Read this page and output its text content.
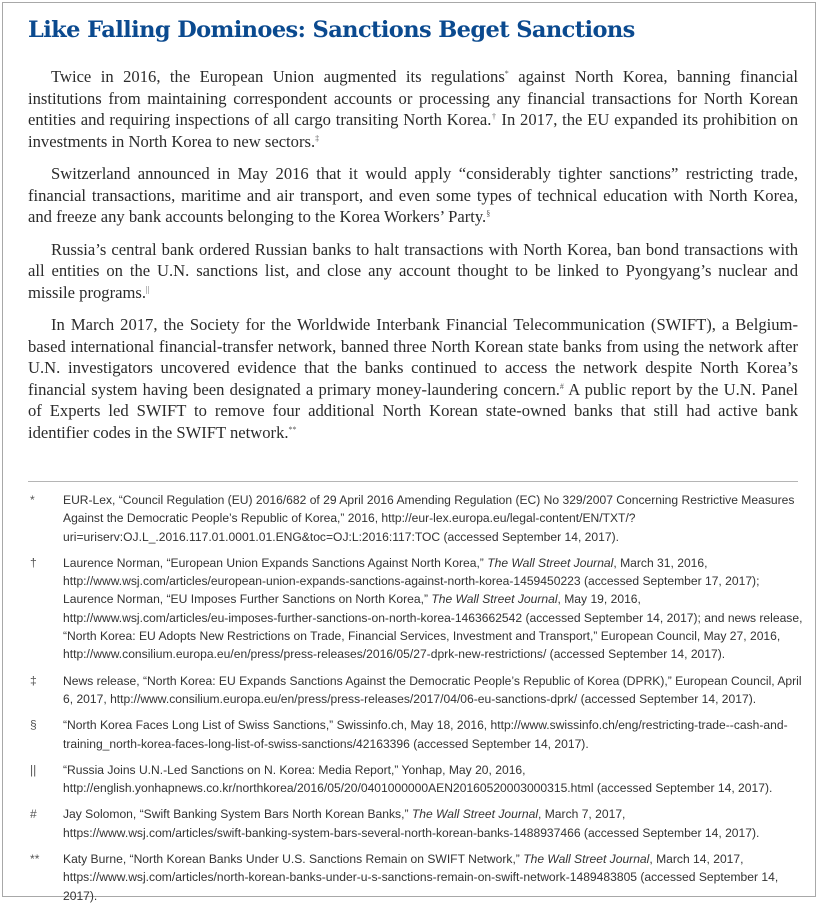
Like Falling Dominoes: Sanctions Beget Sanctions

Twice in 2016, the European Union augmented its regulations* against North Korea, banning financial institutions from maintaining correspondent accounts or processing any financial transactions for North Korean entities and requiring inspections of all cargo transiting North Korea.† In 2017, the EU expanded its prohibition on investments in North Korea to new sectors.‡

Switzerland announced in May 2016 that it would apply “considerably tighter sanctions” restricting trade, financial transactions, maritime and air transport, and even some types of technical education with North Korea, and freeze any bank accounts belonging to the Korea Workers’ Party.§

Russia’s central bank ordered Russian banks to halt transactions with North Korea, ban bond transactions with all entities on the U.N. sanctions list, and close any account thought to be linked to Pyongyang’s nuclear and missile programs.||

In March 2017, the Society for the Worldwide Interbank Financial Telecommunication (SWIFT), a Belgium-based international financial-transfer network, banned three North Korean state banks from using the network after U.N. investigators uncovered evidence that the banks continued to access the network despite North Korea’s financial system having been designated a primary money-laundering concern.# A public report by the U.N. Panel of Experts led SWIFT to remove four additional North Korean state-owned banks that still had active bank identifier codes in the SWIFT network.**

*	EUR-Lex, “Council Regulation (EU) 2016/682 of 29 April 2016 Amending Regulation (EC) No 329/2007 Concerning Restrictive Measures Against the Democratic People’s Republic of Korea,” 2016, http://eur-lex.europa.eu/legal-content/EN/TXT/?uri=uriserv:OJ.L_.2016.117.01.0001.01.ENG&toc=OJ:L:2016:117:TOC (accessed September 14, 2017).
†	Laurence Norman, “European Union Expands Sanctions Against North Korea,” The Wall Street Journal, March 31, 2016, http://www.wsj.com/articles/european-union-expands-sanctions-against-north-korea-1459450223 (accessed September 17, 2017); Laurence Norman, “EU Imposes Further Sanctions on North Korea,” The Wall Street Journal, May 19, 2016, http://www.wsj.com/articles/eu-imposes-further-sanctions-on-north-korea-1463662542 (accessed September 14, 2017); and news release, “North Korea: EU Adopts New Restrictions on Trade, Financial Services, Investment and Transport,” European Council, May 27, 2016, http://www.consilium.europa.eu/en/press/press-releases/2016/05/27-dprk-new-restrictions/ (accessed September 14, 2017).
‡	News release, “North Korea: EU Expands Sanctions Against the Democratic People’s Republic of Korea (DPRK),” European Council, April 6, 2017, http://www.consilium.europa.eu/en/press/press-releases/2017/04/06-eu-sanctions-dprk/ (accessed September 14, 2017).
§	“North Korea Faces Long List of Swiss Sanctions,” Swissinfo.ch, May 18, 2016, http://www.swissinfo.ch/eng/restricting-trade--cash-and-training_north-korea-faces-long-list-of-swiss-sanctions/42163396 (accessed September 14, 2017).
||	“Russia Joins U.N.-Led Sanctions on N. Korea: Media Report,” Yonhap, May 20, 2016, http://english.yonhapnews.co.kr/northkorea/2016/05/20/0401000000AEN20160520003000315.html (accessed September 14, 2017).
#	Jay Solomon, “Swift Banking System Bars North Korean Banks,” The Wall Street Journal, March 7, 2017, https://www.wsj.com/articles/swift-banking-system-bars-several-north-korean-banks-1488937466 (accessed September 14, 2017).
**	Katy Burne, “North Korean Banks Under U.S. Sanctions Remain on SWIFT Network,” The Wall Street Journal, March 14, 2017, https://www.wsj.com/articles/north-korean-banks-under-u-s-sanctions-remain-on-swift-network-1489483805 (accessed September 14, 2017).
